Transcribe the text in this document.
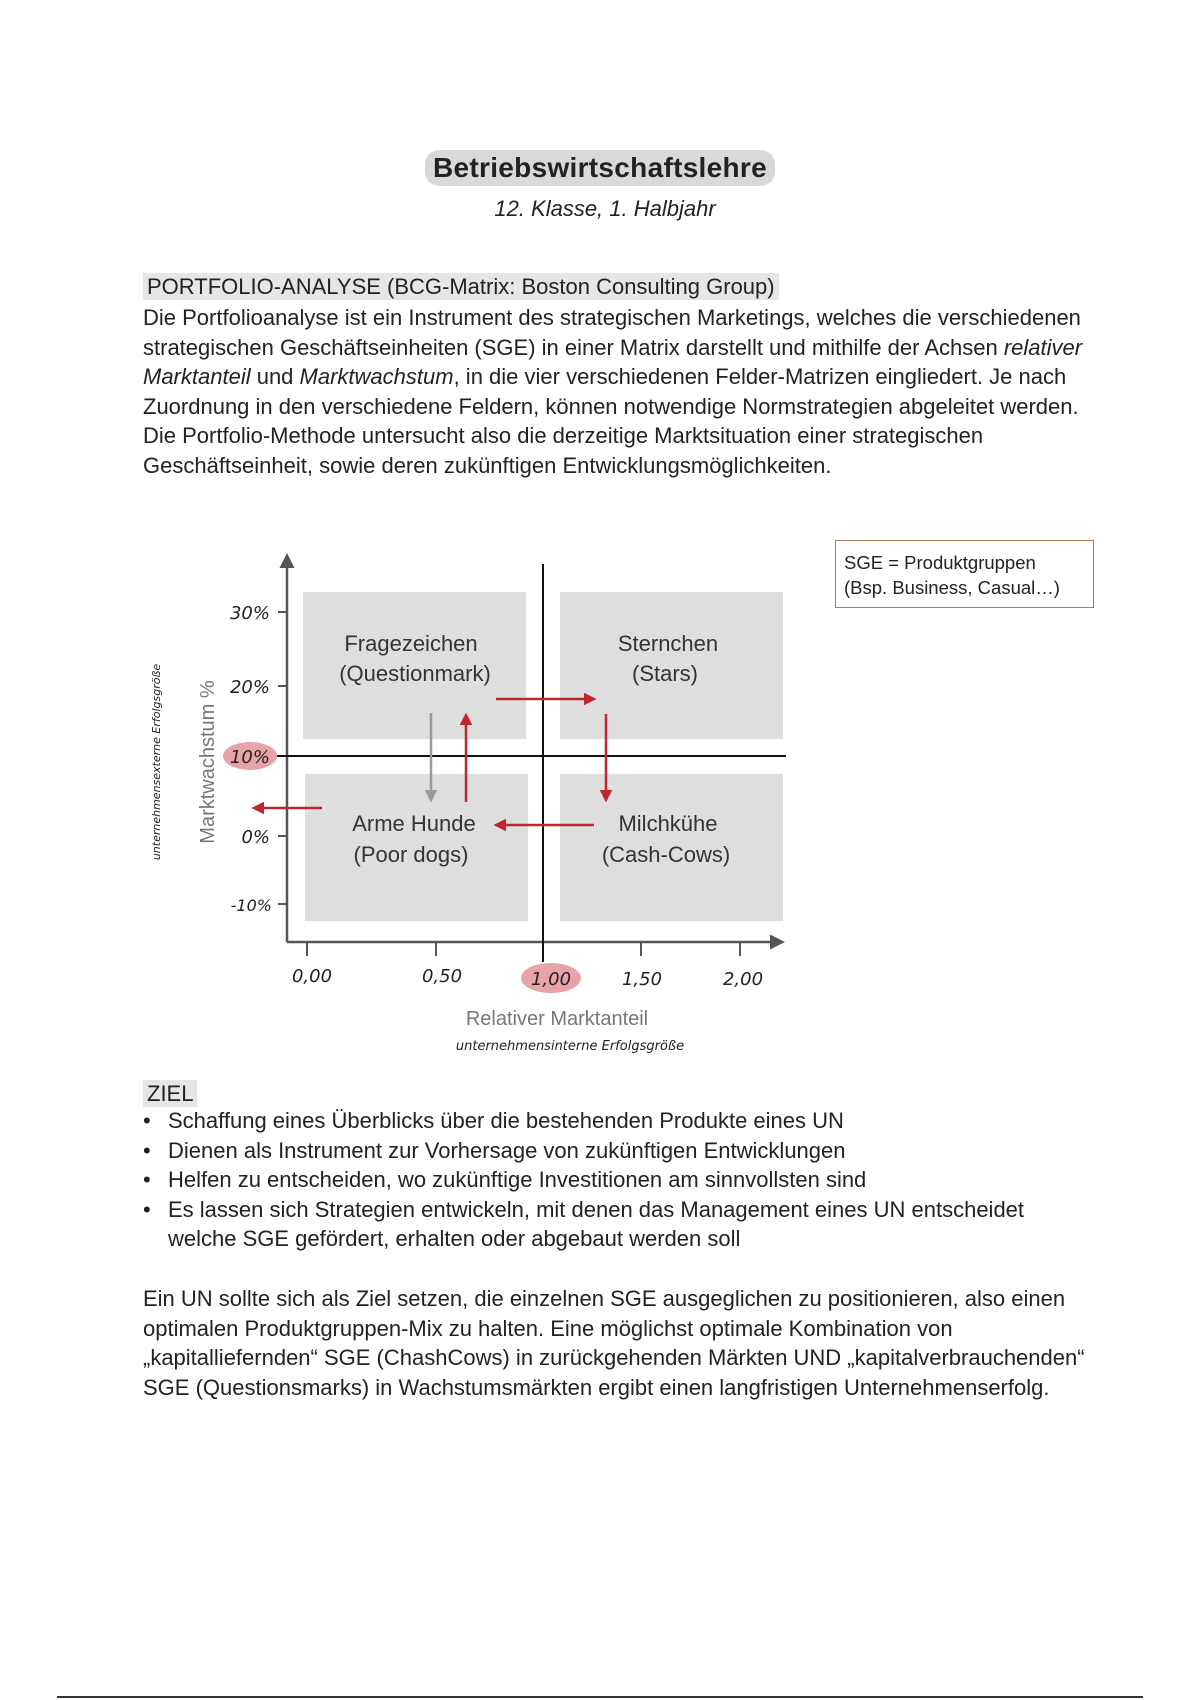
Betriebswirtschaftslehre
12. Klasse, 1. Halbjahr
PORTFOLIO-ANALYSE (BCG-Matrix: Boston Consulting Group)

Die Portfolioanalyse ist ein Instrument des strategischen Marketings, welches die verschiedenen strategischen Geschäftseinheiten (SGE) in einer Matrix darstellt und mithilfe der Achsen relativer Marktanteil und Marktwachstum, in die vier verschiedenen Felder-Matrizen eingliedert. Je nach Zuordnung in den verschiedene Feldern, können notwendige Normstrategien abgeleitet werden.

Die Portfolio-Methode untersucht also die derzeitige Marktsituation einer strategischen Geschäftseinheit, sowie deren zukünftigen Entwicklungsmöglichkeiten.

SGE = Produktgruppen
(Bsp. Business, Casual…)
30%
20%
10%
0%
-10%
0,00	0,50	1,00	1,50	2,00
Marktwachstum %
unternehmensexterne Erfolgsgröße
Relativer Marktanteil
unternehmensinterne Erfolgsgröße
Fragezeichen
(Questionmark)
Sternchen
(Stars)
Arme Hunde
(Poor dogs)
Milchkühe
(Cash-Cows)
ZIEL
• Schaffung eines Überblicks über die bestehenden Produkte eines UN
• Dienen als Instrument zur Vorhersage von zukünftigen Entwicklungen
• Helfen zu entscheiden, wo zukünftige Investitionen am sinnvollsten sind
• Es lassen sich Strategien entwickeln, mit denen das Management eines UN entscheidet welche SGE gefördert, erhalten oder abgebaut werden soll
Ein UN sollte sich als Ziel setzen, die einzelnen SGE ausgeglichen zu positionieren, also einen optimalen Produktgruppen-Mix zu halten. Eine möglichst optimale Kombination von „kapitalliefernden“ SGE (ChashCows) in zurückgehenden Märkten UND „kapitalverbrauchenden“ SGE (Questionsmarks) in Wachstumsmärkten ergibt einen langfristigen Unternehmenserfolg.
